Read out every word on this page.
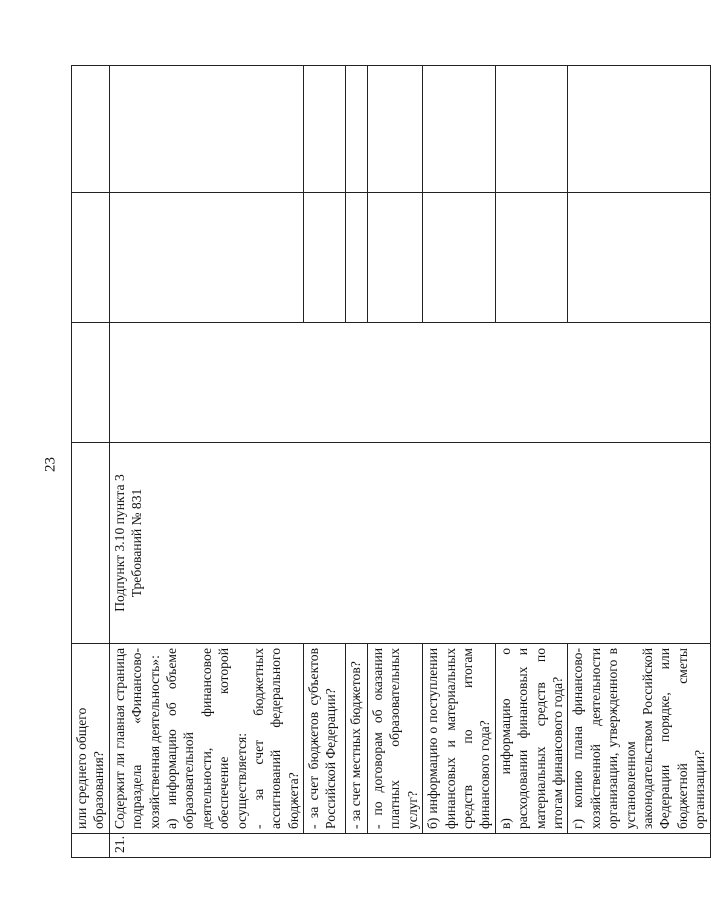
23
	или среднего общего образования?				
21.	Содержит ли главная страница подраздела «Финансово-хозяйственная деятельность»:
а) информацию об объеме образовательной деятельности, финансовое обеспечение которой осуществляется:
- за счет бюджетных ассигнований федерального бюджета?	Подпункт 3.10 пункта 3 Требований № 831			
	- за счет бюджетов субъектов Российской Федерации?				
	- за счет местных бюджетов?				
	- по договорам об оказании платных образовательных услуг?				
	б) информацию о поступлении финансовых и материальных средств по итогам финансового года?				
	в) информацию о расходовании финансовых и материальных средств по итогам финансового года?				
	г) копию плана финансово-хозяйственной деятельности организации, утвержденного в установленном законодательством Российской Федерации порядке, или бюджетной сметы организации?				
